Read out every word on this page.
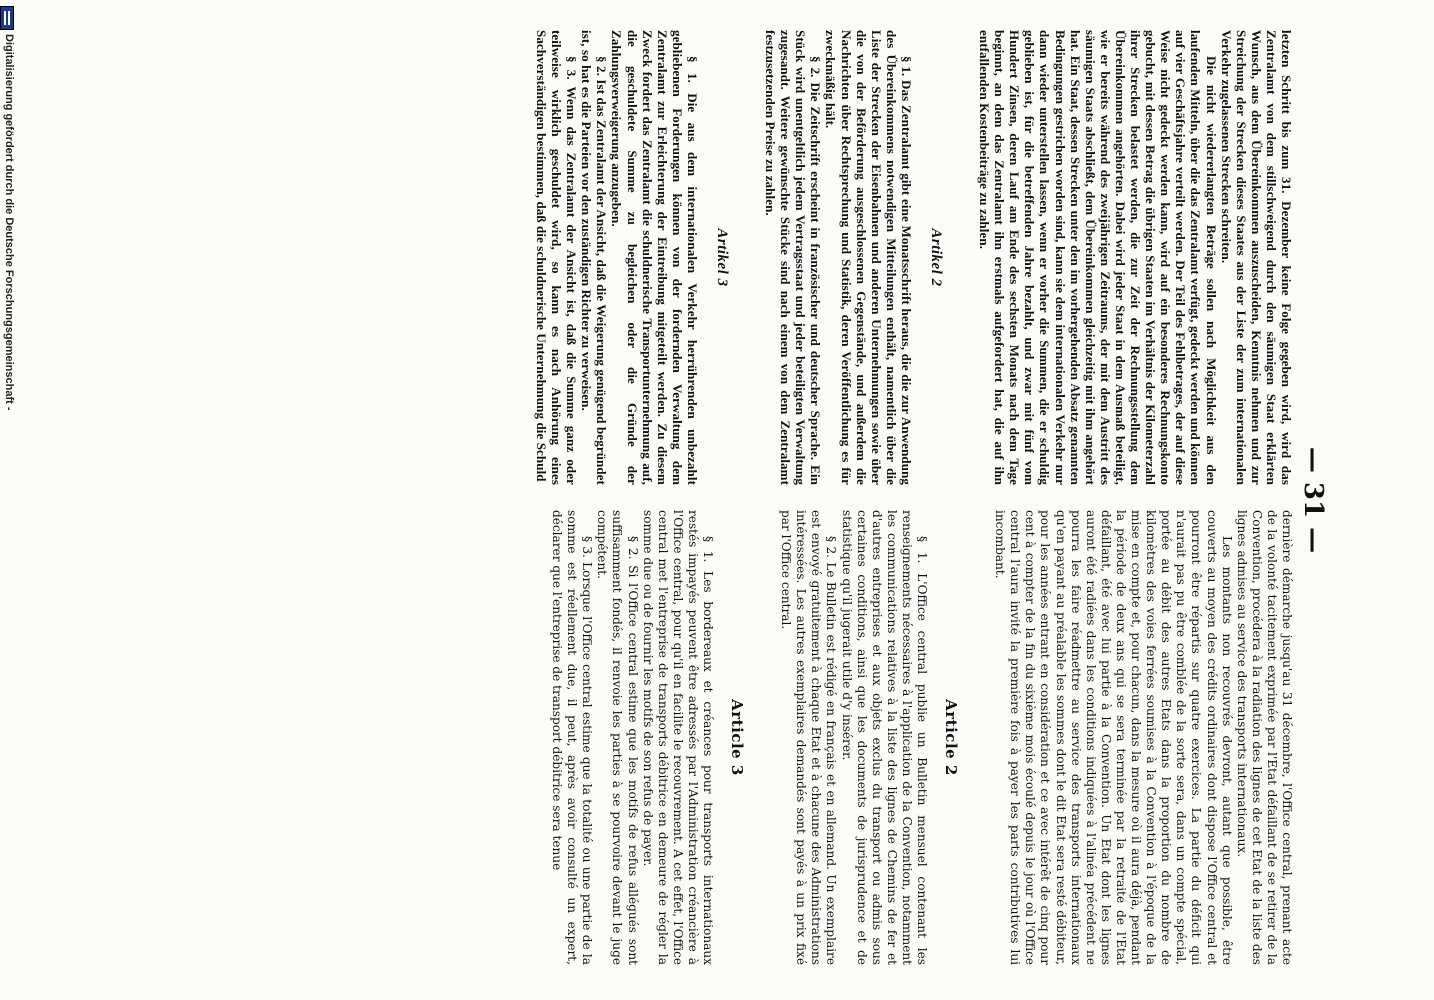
— 31 —

letzten Schritt bis zum 31. Dezember keine Folge gegeben wird, wird das Zentralamt von dem stillschweigend durch den säumigen Staat erklärten Wunsch, aus dem Übereinkommen auszuscheiden, Kenntnis nehmen und zur Streichung der Strecken dieses Staates aus der Liste der zum internationalen Verkehr zugelassenen Strecken schreiten.

Die nicht wiedererlangten Beträge sollen nach Möglichkeit aus den laufenden Mitteln, über die das Zentralamt verfügt, gedeckt werden und können auf vier Geschäftsjahre verteilt werden. Der Teil des Fehlbetrages, der auf diese Weise nicht gedeckt werden kann, wird auf ein besonderes Rechnungskonto gebucht, mit dessen Betrag die übrigen Staaten im Verhältnis der Kilometerzahl ihrer Strecken belastet werden, die zur Zeit der Rechnungsstellung dem Übereinkommen angehörten. Dabei wird jeder Staat in dem Ausmaß beteiligt, wie er bereits während des zweijährigen Zeitraums, der mit dem Austritt des säumigen Staats abschließt, dem Übereinkommen gleichzeitig mit ihm angehört hat. Ein Staat, dessen Strecken unter den im vorhergehenden Absatz genannten Bedingungen gestrichen worden sind, kann sie dem internationalen Verkehr nur dann wieder unterstellen lassen, wenn er vorher die Summen, die er schuldig geblieben ist, für die betreffenden Jahre bezahlt, und zwar mit fünf vom Hundert Zinsen, deren Lauf am Ende des sechsten Monats nach dem Tage beginnt, an dem das Zentralamt ihn erstmals aufgefordert hat, die auf ihn entfallenden Kostenbeiträge zu zahlen.

Artikel 2

§ 1. Das Zentralamt gibt eine Monatsschrift heraus, die die zur Anwendung des Übereinkommens notwendigen Mitteilungen enthält, namentlich über die Liste der Strecken der Eisenbahnen und anderen Unternehmungen sowie über die von der Beförderung ausgeschlossenen Gegenstände, und außerdem die Nachrichten über Rechtsprechung und Statistik, deren Veröffentlichung es für zweckmäßig hält.

§ 2. Die Zeitschrift erscheint in französischer und deutscher Sprache. Ein Stück wird unentgeltlich jedem Vertragsstaat und jeder beteiligten Verwaltung zugesandt. Weitere gewünschte Stücke sind nach einem von dem Zentralamt festzusetzenden Preise zu zahlen.

Artikel 3

§ 1. Die aus dem internationalen Verkehr herrührenden unbezahlt gebliebenen Forderungen können von der fordernden Verwaltung dem Zentralamt zur Erleichterung der Eintreibung mitgeteilt werden. Zu diesem Zweck fordert das Zentralamt die schuldnerische Transportunternehmung auf, die geschuldete Summe zu begleichen oder die Gründe der Zahlungsverweigerung anzugeben.

§ 2. Ist das Zentralamt der Ansicht, daß die Weigerung genügend begründet ist, so hat es die Parteien vor den zuständigen Richter zu verweisen.

§ 3. Wenn das Zentralamt der Ansicht ist, daß die Summe ganz oder teilweise wirklich geschuldet wird, so kann es nach Anhörung eines Sachverständigen bestimmen, daß die schuldnerische Unternehmung die Schuld

dernière démarche jusqu'au 31 décembre, l'Office central, prenant acte de la volonté tacitement exprimée par l'Etat défaillant de se retirer de la Convention, procédera à la radiation des lignes de cet Etat de la liste des lignes admises au service des transports internationaux.

Les montants non recouvrés devront, autant que possible, être couverts au moyen des crédits ordinaires dont dispose l'Office central et pourront être répartis sur quatre exercices. La partie du déficit qui n'aurait pas pu être comblée de la sorte sera, dans un compte spécial, portée au débit des autres Etats dans la proportion du nombre de kilomètres des voies ferrées soumises à la Convention à l'époque de la mise en compte et, pour chacun, dans la mesure où il aura déjà, pendant la période de deux ans qui se sera terminée par la retraite de l'Etat défaillant, été avec lui partie à la Convention. Un Etat dont les lignes auront été radiées dans les conditions indiquées à l'alinéa précédent ne pourra les faire réadmettre au service des transports internationaux qu'en payant au préalable les sommes dont le dit Etat sera resté débiteur, pour les années entrant en considération et ce avec intérêt de cinq pour cent à compter de la fin du sixième mois écoulé depuis le jour où l'Office central l'aura invité la première fois à payer les parts contributives lui incombant.

Article 2

§ 1. L'Office central publie un Bulletin mensuel contenant les renseignements nécessaires à l'application de la Convention, notamment les communications relatives à la liste des lignes de Chemins de fer et d'autres entreprises et aux objets exclus du transport ou admis sous certaines conditions, ainsi que les documents de jurisprudence et de statistique qu'il jugerait utile d'y insérer.

§ 2. Le Bulletin est rédigé en français et en allemand. Un exemplaire est envoyé gratuitement à chaque Etat et à chacune des Administrations intéressées. Les autres exemplaires demandés sont payés à un prix fixé par l'Office central.

Article 3

§ 1. Les bordereaux et créances pour transports internationaux restés impayés peuvent être adressés par l'Administration créancière à l'Office central, pour qu'il en facilite le recouvrement. A cet effet, l'Office central met l'entreprise de transports débitrice en demeure de régler la somme due ou de fournir les motifs de son refus de payer.

§ 2. Si l'Office central estime que les motifs de refus allégués sont suffisamment fondés, il renvoie les parties à se pourvoire devant le juge compétent.

§ 3. Lorsque l'Office central estime que la totalité ou une partie de la somme est réellement due, il peut, après avoir consulté un expert, déclarer que l'entreprise de transport débitrice sera tenue

Digitalisierung gefördert durch die Deutsche Forschungsgemeinschaft -
